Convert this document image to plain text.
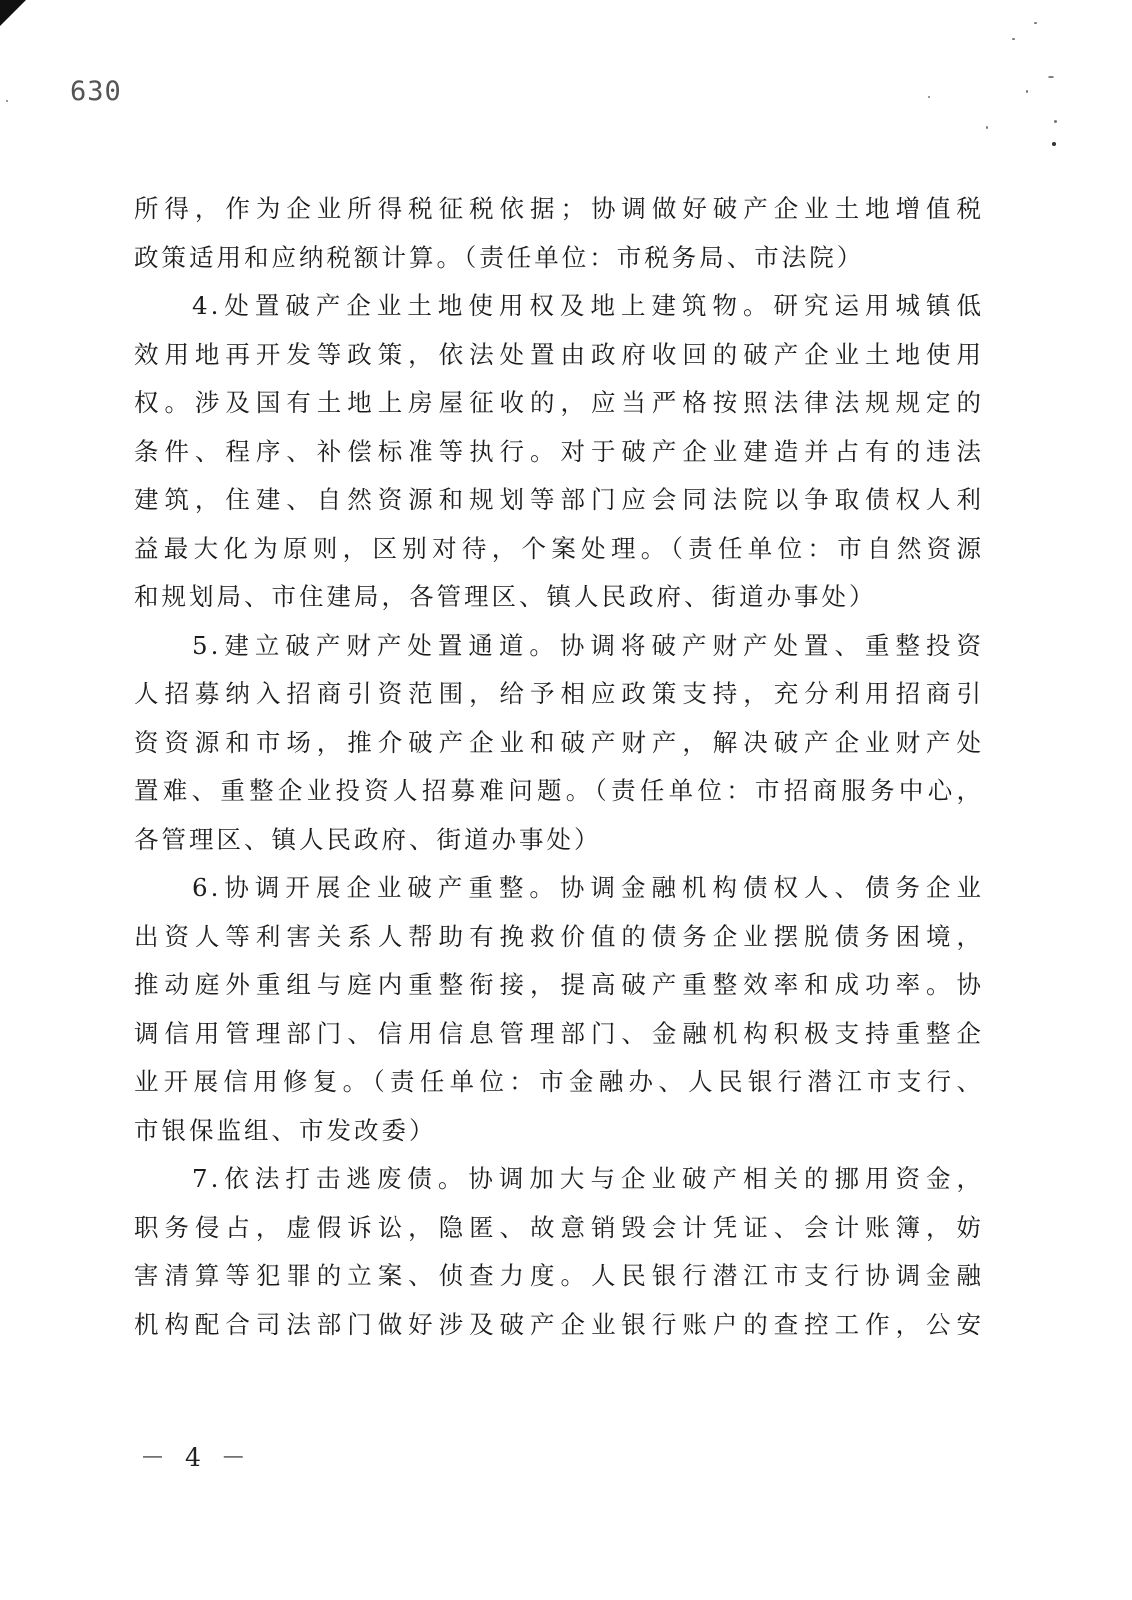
630
所得，作为企业所得税征税依据；协调做好破产企业土地增值税
政策适用和应纳税额计算。（责任单位：市税务局、市法院）
4.处置破产企业土地使用权及地上建筑物。研究运用城镇低
效用地再开发等政策，依法处置由政府收回的破产企业土地使用
权。涉及国有土地上房屋征收的，应当严格按照法律法规规定的
条件、程序、补偿标准等执行。对于破产企业建造并占有的违法
建筑，住建、自然资源和规划等部门应会同法院以争取债权人利
益最大化为原则，区别对待，个案处理。（责任单位：市自然资源
和规划局、市住建局，各管理区、镇人民政府、街道办事处）
5.建立破产财产处置通道。协调将破产财产处置、重整投资
人招募纳入招商引资范围，给予相应政策支持，充分利用招商引
资资源和市场，推介破产企业和破产财产，解决破产企业财产处
置难、重整企业投资人招募难问题。（责任单位：市招商服务中心，
各管理区、镇人民政府、街道办事处）
6.协调开展企业破产重整。协调金融机构债权人、债务企业
出资人等利害关系人帮助有挽救价值的债务企业摆脱债务困境，
推动庭外重组与庭内重整衔接，提高破产重整效率和成功率。协
调信用管理部门、信用信息管理部门、金融机构积极支持重整企
业开展信用修复。（责任单位：市金融办、人民银行潜江市支行、
市银保监组、市发改委）
7.依法打击逃废债。协调加大与企业破产相关的挪用资金，
职务侵占，虚假诉讼，隐匿、故意销毁会计凭证、会计账簿，妨
害清算等犯罪的立案、侦查力度。人民银行潜江市支行协调金融
机构配合司法部门做好涉及破产企业银行账户的查控工作，公安
－ 4 －
